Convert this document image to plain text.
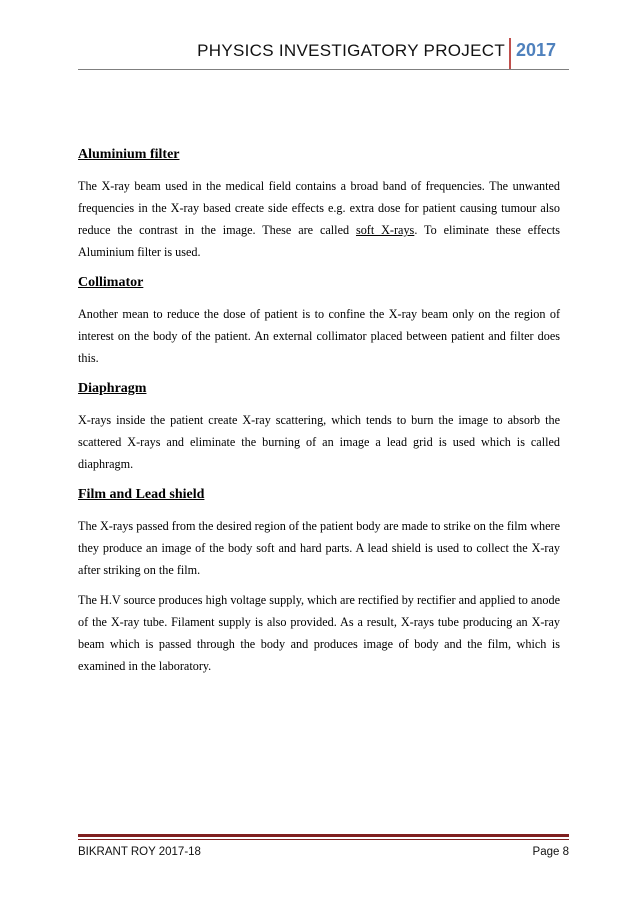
PHYSICS INVESTIGATORY PROJECT 2017
Aluminium filter

The X-ray beam used in the medical field contains a broad band of frequencies. The unwanted frequencies in the X-ray based create side effects e.g. extra dose for patient causing tumour also reduce the contrast in the image. These are called soft X-rays. To eliminate these effects Aluminium filter is used.

Collimator

Another mean to reduce the dose of patient is to confine the X-ray beam only on the region of interest on the body of the patient. An external collimator placed between patient and filter does this.

Diaphragm

X-rays inside the patient create X-ray scattering, which tends to burn the image to absorb the scattered X-rays and eliminate the burning of an image a lead grid is used which is called diaphragm.

Film and Lead shield

The X-rays passed from the desired region of the patient body are made to strike on the film where they produce an image of the body soft and hard parts. A lead shield is used to collect the X-ray after striking on the film.

The H.V source produces high voltage supply, which are rectified by rectifier and applied to anode of the X-ray tube. Filament supply is also provided. As a result, X-rays tube producing an X-ray beam which is passed through the body and produces image of body and the film, which is examined in the laboratory.

BIKRANT ROY 2017-18	Page 8
